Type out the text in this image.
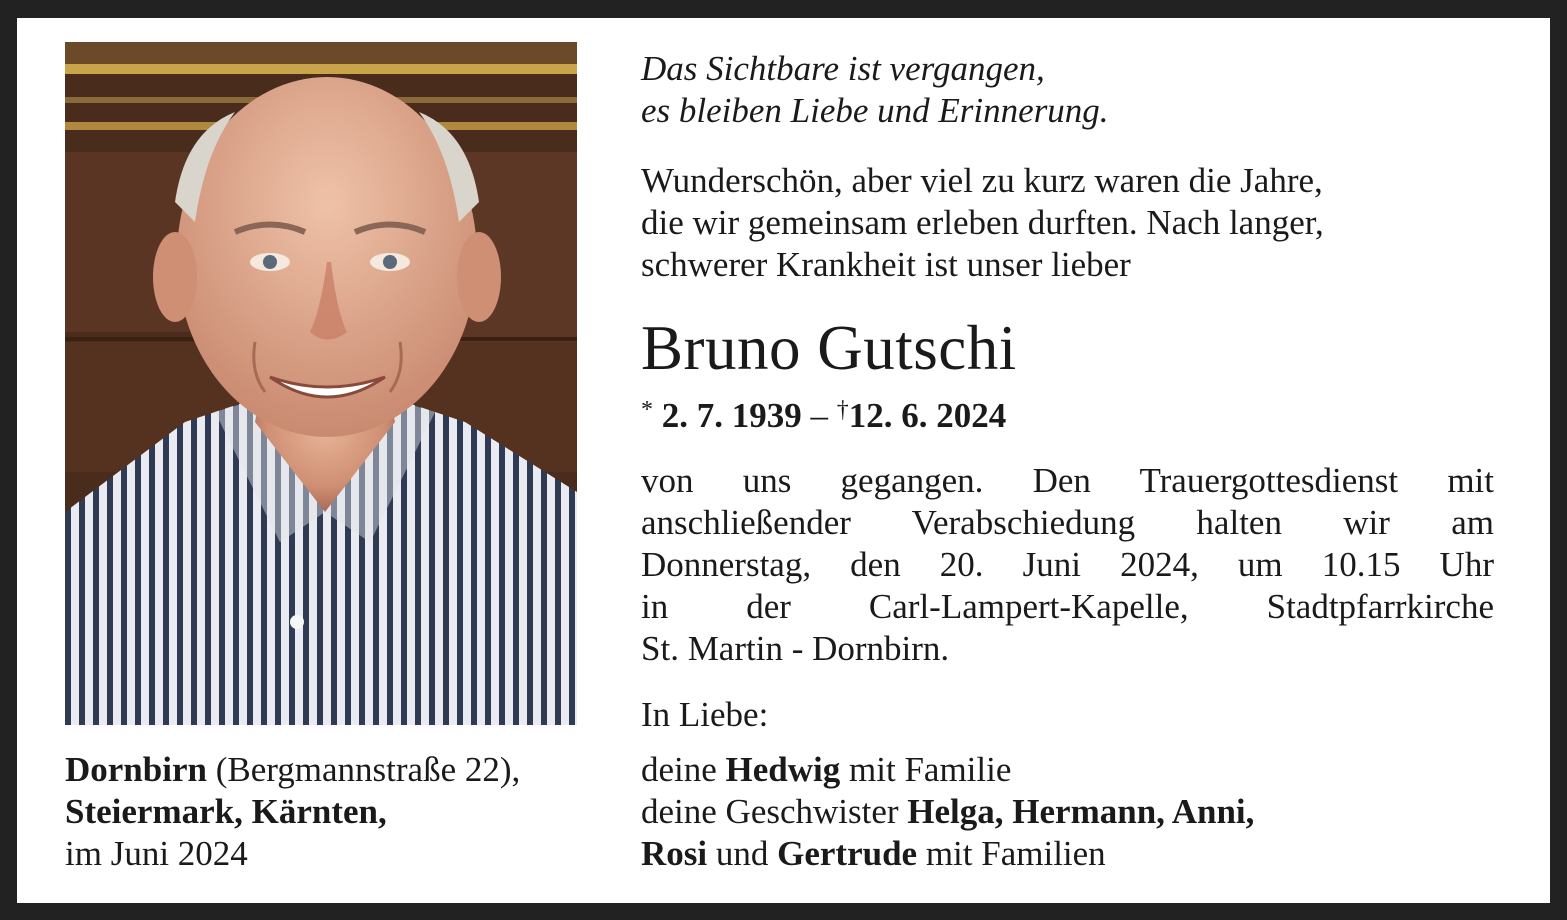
Dornbirn (Bergmannstraße 22),
Steiermark, Kärnten,
im Juni 2024

Das Sichtbare ist vergangen,
es bleiben Liebe und Erinnerung.

Wunderschön, aber viel zu kurz waren die Jahre,
die wir gemeinsam erleben durften. Nach langer,
schwerer Krankheit ist unser lieber

Bruno Gutschi

* 2. 7. 1939 – †12. 6. 2024

von uns gegangen. Den Trauergottesdienst mit
anschließender Verabschiedung halten wir am
Donnerstag, den 20. Juni 2024, um 10.15 Uhr
in der Carl-Lampert-Kapelle, Stadtpfarrkirche
St. Martin - Dornbirn.

In Liebe:

deine Hedwig mit Familie
deine Geschwister Helga, Hermann, Anni,
Rosi und Gertrude mit Familien
